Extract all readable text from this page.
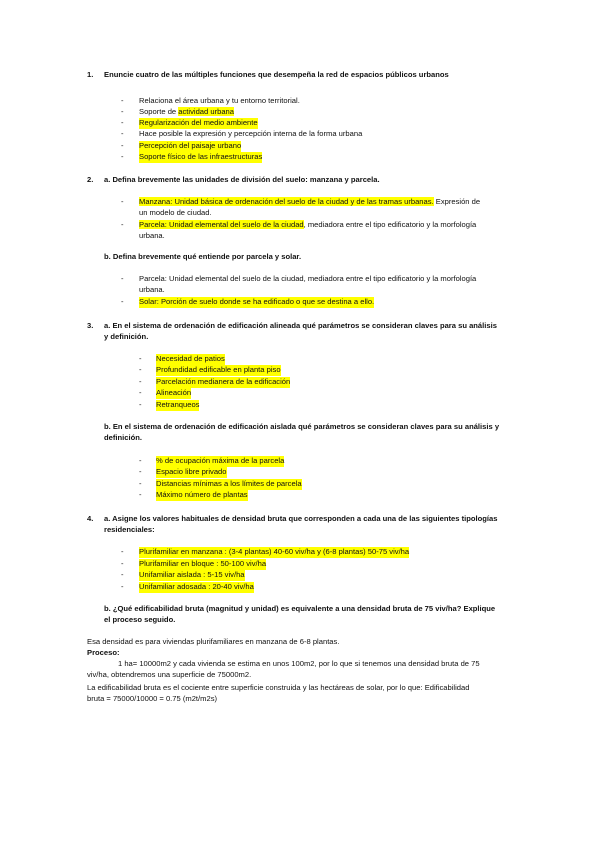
1. Enuncie cuatro de las múltiples funciones que desempeña la red de espacios públicos urbanos
- Relaciona el área urbana y tu entorno territorial.
- Soporte de actividad urbana
- Regularización del medio ambiente
- Hace posible la expresión y percepción interna de la forma urbana
- Percepción del paisaje urbano
- Soporte físico de las infraestructuras
2. a. Defina brevemente las unidades de división del suelo: manzana y parcela.
- Manzana: Unidad básica de ordenación del suelo de la ciudad y de las tramas urbanas. Expresión de
un modelo de ciudad.
- Parcela: Unidad elemental del suelo de la ciudad, mediadora entre el tipo edificatorio y la morfología
urbana.
b. Defina brevemente qué entiende por parcela y solar.
- Parcela: Unidad elemental del suelo de la ciudad, mediadora entre el tipo edificatorio y la morfología
urbana.
- Solar: Porción de suelo donde se ha edificado o que se destina a ello.
3. a. En el sistema de ordenación de edificación alineada qué parámetros se consideran claves para su análisis
y definición.
- Necesidad de patios
- Profundidad edificable en planta piso
- Parcelación medianera de la edificación
- Alineación
- Retranqueos
b. En el sistema de ordenación de edificación aislada qué parámetros se consideran claves para su análisis y
definición.
- % de ocupación máxima de la parcela
- Espacio libre privado
- Distancias mínimas a los límites de parcela
- Máximo número de plantas
4. a. Asigne los valores habituales de densidad bruta que corresponden a cada una de las siguientes tipologías
residenciales:
- Plurifamiliar en manzana : (3-4 plantas) 40-60 viv/ha y (6-8 plantas) 50-75 viv/ha
- Plurifamiliar en bloque : 50-100 viv/ha
- Unifamiliar aislada : 5-15 viv/ha
- Unifamiliar adosada : 20-40 viv/ha
b. ¿Qué edificabilidad bruta (magnitud y unidad) es equivalente a una densidad bruta de 75 viv/ha? Explique
el proceso seguido.
Esa densidad es para viviendas plurifamiliares en manzana de 6-8 plantas.
Proceso:
1 ha= 10000m2 y cada vivienda se estima en unos 100m2, por lo que si tenemos una densidad bruta de 75
viv/ha, obtendremos una superficie de 75000m2.
La edificabilidad bruta es el cociente entre superficie construida y las hectáreas de solar, por lo que: Edificabilidad
bruta = 75000/10000 = 0.75 (m2t/m2s)
